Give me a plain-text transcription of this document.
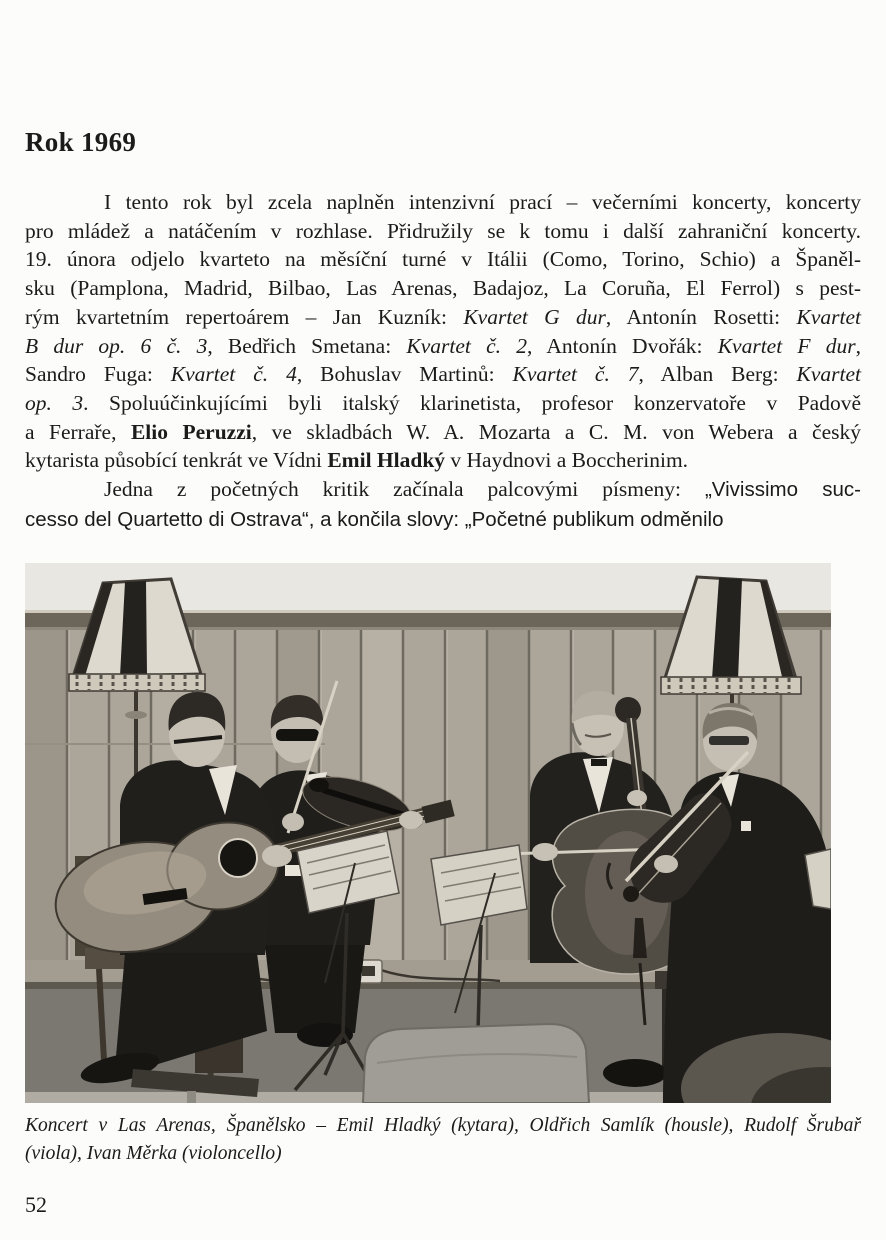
Rok 1969
I tento rok byl zcela naplněn intenzivní prací – večerními koncerty, koncerty
pro mládež a natáčením v rozhlase. Přidružily se k tomu i další zahraniční koncerty.
19. února odjelo kvarteto na měsíční turné v Itálii (Como, Torino, Schio) a Španěl-
sku (Pamplona, Madrid, Bilbao, Las Arenas, Badajoz, La Coruña, El Ferrol) s pest-
rým kvartetním repertoárem – Jan Kuzník: Kvartet G dur, Antonín Rosetti: Kvartet
B dur op. 6 č. 3, Bedřich Smetana: Kvartet č. 2, Antonín Dvořák: Kvartet F dur,
Sandro Fuga: Kvartet č. 4, Bohuslav Martinů: Kvartet č. 7, Alban Berg: Kvartet
op. 3. Spoluúčinkujícími byli italský klarinetista, profesor konzervatoře v Padově
a Ferraře, Elio Peruzzi, ve skladbách W. A. Mozarta a C. M. von Webera a český
kytarista působící tenkrát ve Vídni Emil Hladký v Haydnovi a Boccherinim.
Jedna z početných kritik začínala palcovými písmeny: „Vivissimo suc-
cesso del Quartetto di Ostrava“, a končila slovy: „Početné publikum odměnilo
Koncert v Las Arenas, Španělsko – Emil Hladký (kytara), Oldřich Samlík (housle), Rudolf Šrubař
(viola), Ivan Měrka (violoncello)
52
